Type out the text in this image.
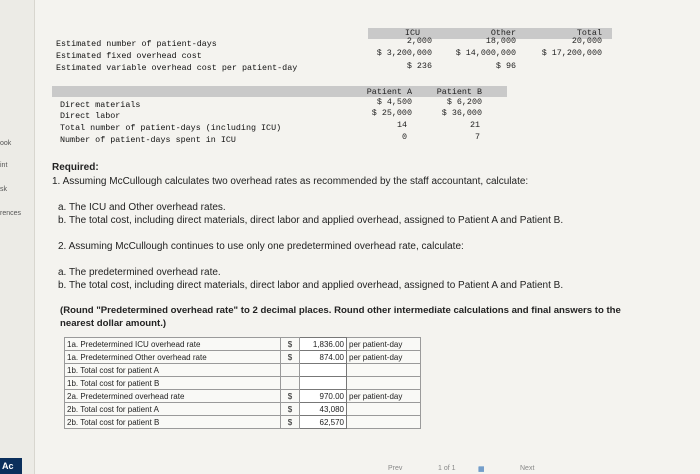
ook
int
sk
rences
Ac
ICU	Other	Total
Estimated number of patient-days	2,000	18,000	20,000
Estimated fixed overhead cost	$ 3,200,000	$ 14,000,000	$ 17,200,000
Estimated variable overhead cost per patient-day	$ 236	$ 96
Patient A	Patient B
Direct materials	$ 4,500	$ 6,200
Direct labor	$ 25,000	$ 36,000
Total number of patient-days (including ICU)	14	21
Number of patient-days spent in ICU	0	7
Required:
1. Assuming McCullough calculates two overhead rates as recommended by the staff accountant, calculate:
a. The ICU and Other overhead rates.
b. The total cost, including direct materials, direct labor and applied overhead, assigned to Patient A and Patient B.
2. Assuming McCullough continues to use only one predetermined overhead rate, calculate:
a. The predetermined overhead rate.
b. The total cost, including direct materials, direct labor and applied overhead, assigned to Patient A and Patient B.
(Round "Predetermined overhead rate" to 2 decimal places. Round other intermediate calculations and final answers to the
nearest dollar amount.)
1a. Predetermined ICU overhead rate	$	1,836.00	per patient-day
1a. Predetermined Other overhead rate	$	874.00	per patient-day
1b. Total cost for patient A			
1b. Total cost for patient B			
2a. Predetermined overhead rate	$	970.00	per patient-day
2b. Total cost for patient A	$	43,080	
2b. Total cost for patient B	$	62,570	
Prev	1 of 1	▦	Next
